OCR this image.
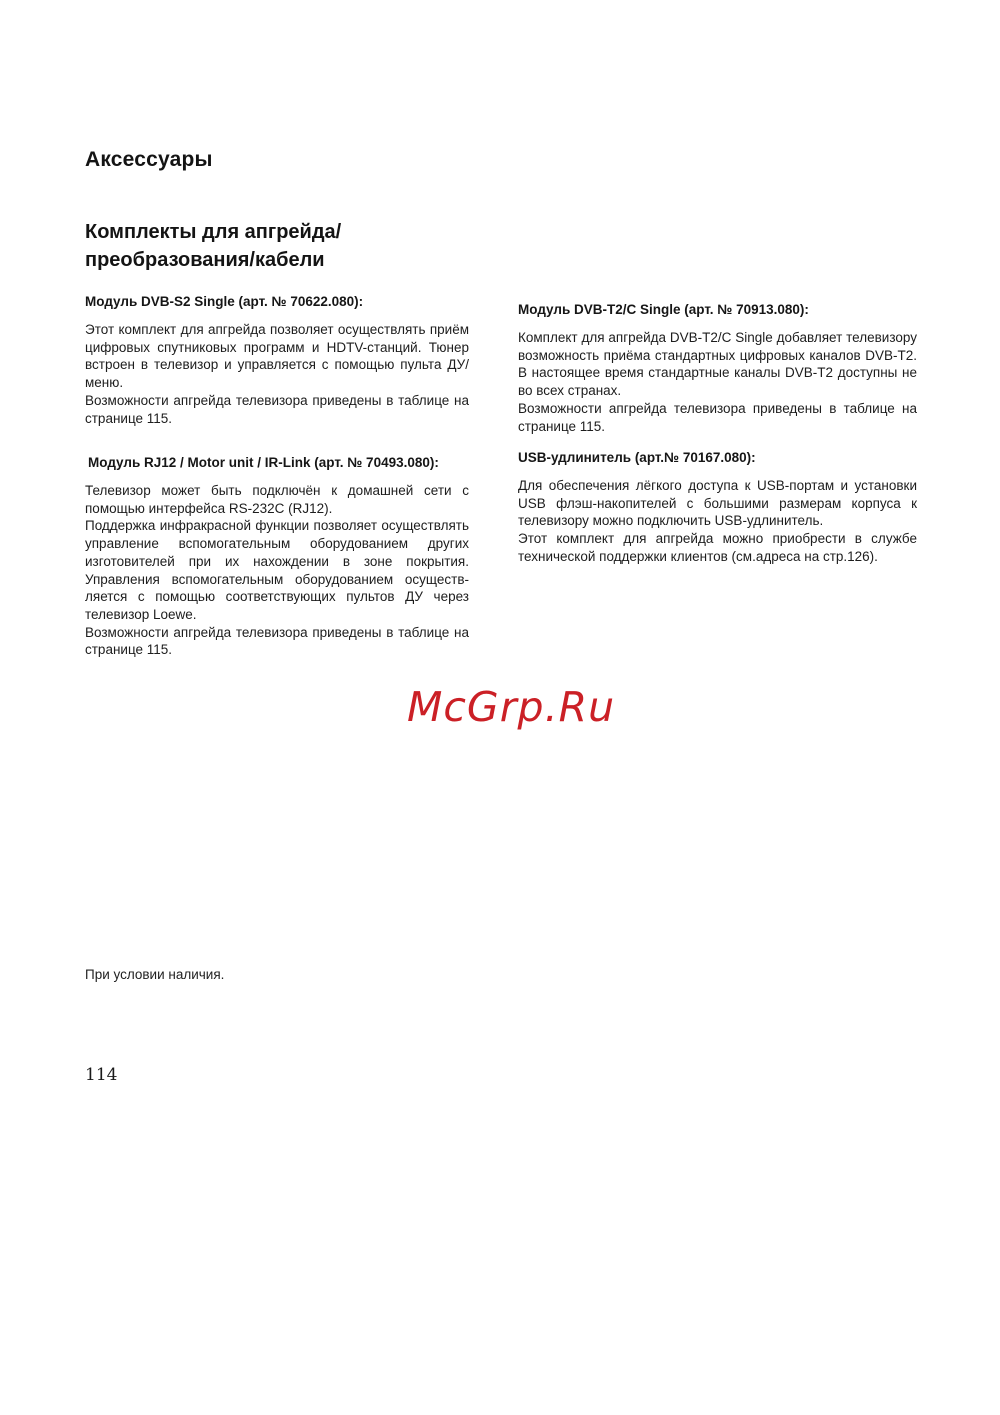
Аксессуары
Комплекты для апгрейда/
преобразования/кабели
Модуль DVB-S2 Single (арт. № 70622.080):

Этот комплект для апгрейда позволяет осуществлять приём цифровых спутниковых программ и HDTV-станций. Тюнер встроен в телевизор и управляется с помощью пульта ДУ/меню.

Возможности апгрейда телевизора приведены в таблице на странице 115.

Модуль RJ12 / Motor unit / IR-Link (арт. № 70493.080):

Телевизор может быть подключён к домашней сети с помощью интерфейса RS-232C (RJ12).

Поддержка инфракрасной функции позволяет осуществлять управление вспомогательным оборудованием других изготовителей при их нахождении в зоне покрытия. Управления вспомогательным оборудованием осуществляется с помощью соответствующих пультов ДУ через телевизор Loewe.

Возможности апгрейда телевизора приведены в таблице на странице 115.

Модуль DVB-T2/C Single (арт. № 70913.080):

Комплект для апгрейда DVB-T2/C Single добавляет телевизору возможность приёма стандартных цифровых каналов DVB-T2. В настоящее время стандартные каналы DVB-T2 доступны не во всех странах.

Возможности апгрейда телевизора приведены в таблице на странице 115.

USB-удлинитель (арт.№ 70167.080):

Для обеспечения лёгкого доступа к USB-портам и установки USB флэш-накопителей с большими размерам корпуса к телевизору можно подключить USB-удлинитель.

Этот комплект для апгрейда можно приобрести в службе технической поддержки клиентов (см.адреса на стр.126).

McGrp.Ru
При условии наличия.
114
